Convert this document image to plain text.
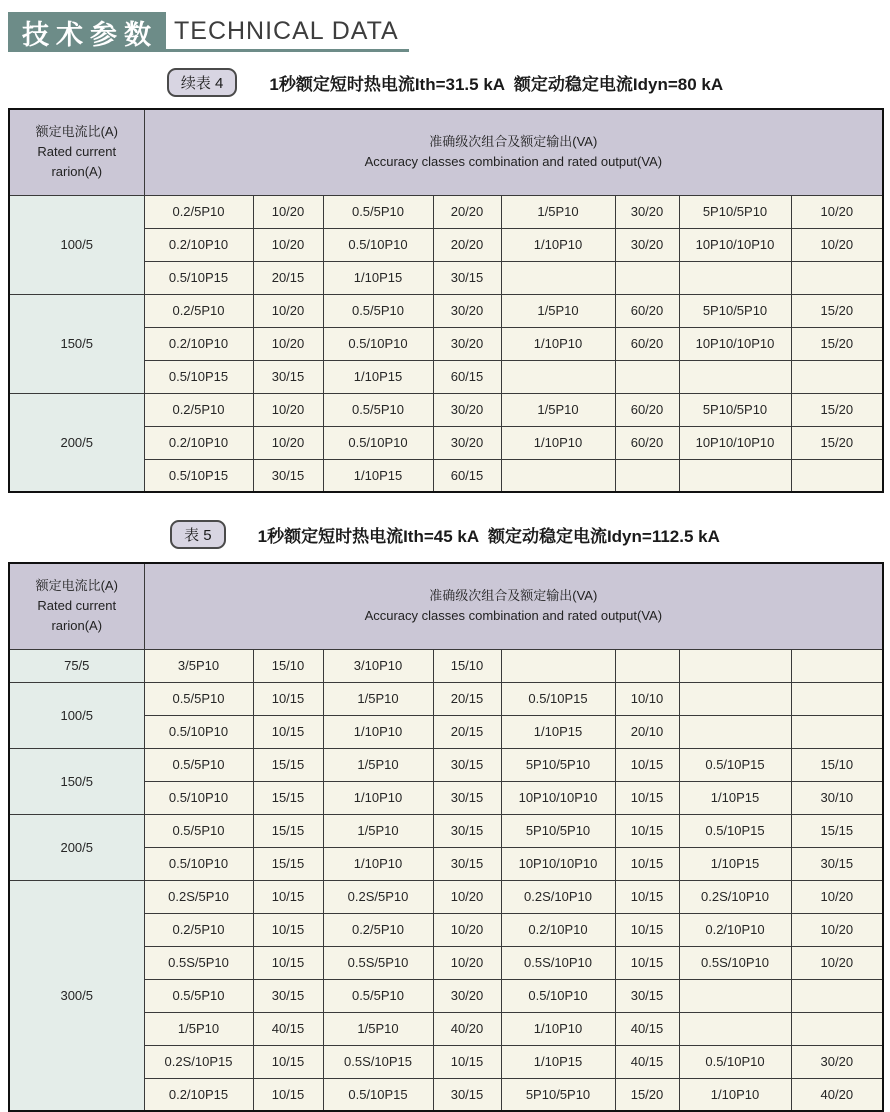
技术参数 TECHNICAL DATA
续表 4	1秒额定短时热电流Ith=31.5 kA  额定动稳定电流Idyn=80 kA
额定电流比(A)
Rated current
rarion(A)

准确级次组合及额定输出(VA)
Accuracy classes combination and rated output(VA)

100/5	0.2/5P10	10/20	0.5/5P10	20/20	1/5P10	30/20	5P10/5P10	10/20
	0.2/10P10	10/20	0.5/10P10	20/20	1/10P10	30/20	10P10/10P10	10/20
	0.5/10P15	20/15	1/10P15	30/15				
150/5	0.2/5P10	10/20	0.5/5P10	30/20	1/5P10	60/20	5P10/5P10	15/20
	0.2/10P10	10/20	0.5/10P10	30/20	1/10P10	60/20	10P10/10P10	15/20
	0.5/10P15	30/15	1/10P15	60/15				
200/5	0.2/5P10	10/20	0.5/5P10	30/20	1/5P10	60/20	5P10/5P10	15/20
	0.2/10P10	10/20	0.5/10P10	30/20	1/10P10	60/20	10P10/10P10	15/20
	0.5/10P15	30/15	1/10P15	60/15				
表 5	1秒额定短时热电流Ith=45 kA  额定动稳定电流Idyn=112.5 kA
额定电流比(A)
Rated current
rarion(A)

准确级次组合及额定输出(VA)
Accuracy classes combination and rated output(VA)

75/5	3/5P10	15/10	3/10P10	15/10				
100/5	0.5/5P10	10/15	1/5P10	20/15	0.5/10P15	10/10		
	0.5/10P10	10/15	1/10P10	20/15	1/10P15	20/10		
150/5	0.5/5P10	15/15	1/5P10	30/15	5P10/5P10	10/15	0.5/10P15	15/10
	0.5/10P10	15/15	1/10P10	30/15	10P10/10P10	10/15	1/10P15	30/10
200/5	0.5/5P10	15/15	1/5P10	30/15	5P10/5P10	10/15	0.5/10P15	15/15
	0.5/10P10	15/15	1/10P10	30/15	10P10/10P10	10/15	1/10P15	30/15
300/5	0.2S/5P10	10/15	0.2S/5P10	10/20	0.2S/10P10	10/15	0.2S/10P10	10/20
	0.2/5P10	10/15	0.2/5P10	10/20	0.2/10P10	10/15	0.2/10P10	10/20
	0.5S/5P10	10/15	0.5S/5P10	10/20	0.5S/10P10	10/15	0.5S/10P10	10/20
	0.5/5P10	30/15	0.5/5P10	30/20	0.5/10P10	30/15		
	1/5P10	40/15	1/5P10	40/20	1/10P10	40/15		
	0.2S/10P15	10/15	0.5S/10P15	10/15	1/10P15	40/15	0.5/10P10	30/20
	0.2/10P15	10/15	0.5/10P15	30/15	5P10/5P10	15/20	1/10P10	40/20
